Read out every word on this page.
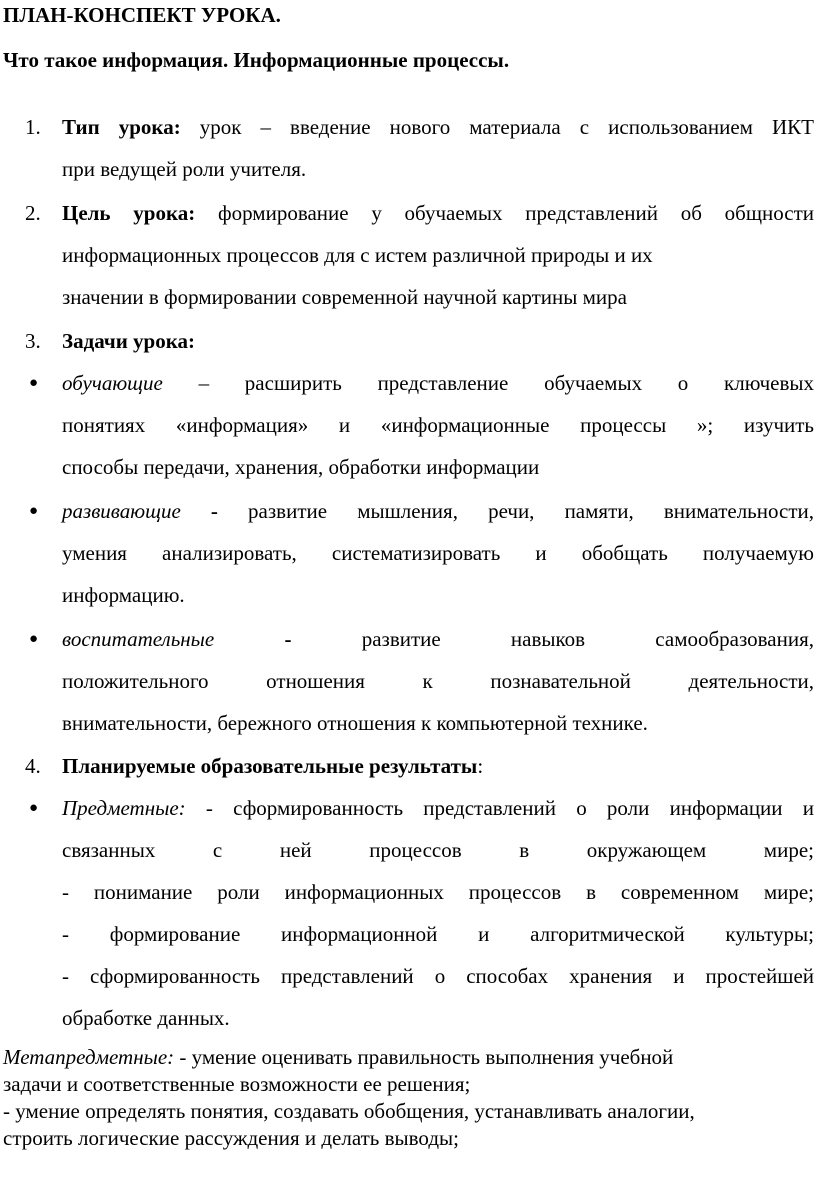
ПЛАН-КОНСПЕКТ УРОКА.
Что такое информация. Информационные процессы.
1.	Тип урока: урок – введение нового материала с использованием ИКТ
при ведущей роли учителя.
2.	Цель урока: формирование у обучаемых представлений об общности
информационных процессов для с истем различной природы и их
значении в формировании современной научной картины мира
3.	Задачи урока:
● обучающие – расширить представление обучаемых о ключевых
понятиях «информация» и «информационные процессы »; изучить
способы передачи, хранения, обработки информации
● развивающие - развитие мышления, речи, памяти, внимательности,
умения анализировать, систематизировать и обобщать получаемую
информацию.
● воспитательные	-	развитие навыков самообразования,
положительного отношения к познавательной деятельности,
внимательности, бережного отношения к компьютерной технике.
4.	Планируемые образовательные результаты:
● Предметные: - сформированность представлений о роли информации и
связанных с ней процессов в окружающем мире;
- понимание роли информационных процессов в современном мире;
- формирование информационной и алгоритмической культуры;
- сформированность представлений о способах хранения и простейшей
обработке данных.
Метапредметные: - умение оценивать правильность выполнения учебной
задачи и соответственные возможности ее решения;
- умение определять понятия, создавать обобщения, устанавливать аналогии,
строить логические рассуждения и делать выводы;
